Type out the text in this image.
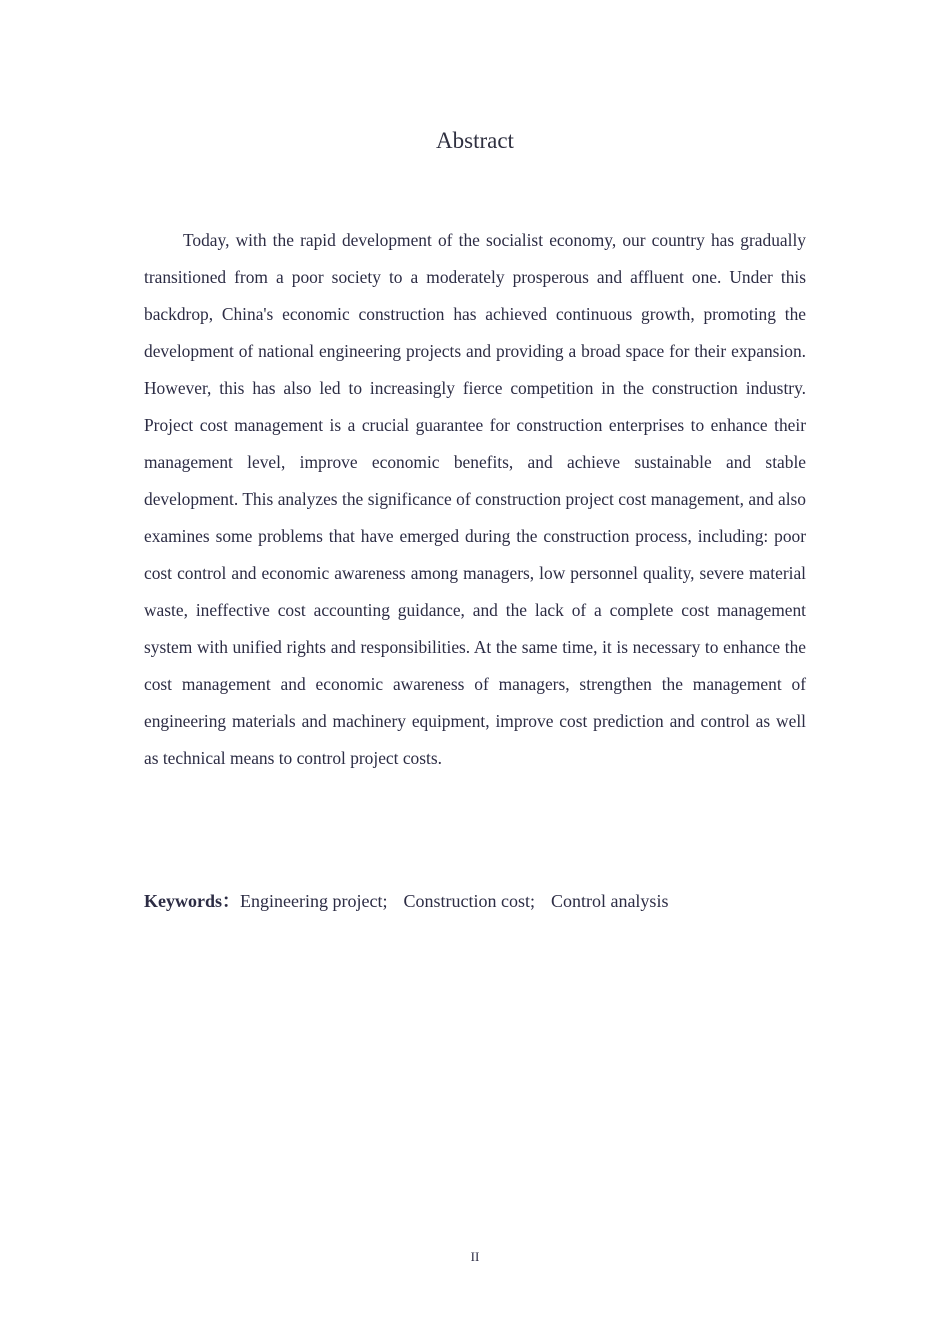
Abstract

Today, with the rapid development of the socialist economy, our country has gradually transitioned from a poor society to a moderately prosperous and affluent one. Under this backdrop, China's economic construction has achieved continuous growth, promoting the development of national engineering projects and providing a broad space for their expansion. However, this has also led to increasingly fierce competition in the construction industry. Project cost management is a crucial guarantee for construction enterprises to enhance their management level, improve economic benefits, and achieve sustainable and stable development. This analyzes the significance of construction project cost management, and also examines some problems that have emerged during the construction process, including: poor cost control and economic awareness among managers, low personnel quality, severe material waste, ineffective cost accounting guidance, and the lack of a complete cost management system with unified rights and responsibilities. At the same time, it is necessary to enhance the cost management and economic awareness of managers, strengthen the management of engineering materials and machinery equipment, improve cost prediction and control as well as technical means to control project costs.

Keywords：Engineering project; Construction cost; Control analysis
II
